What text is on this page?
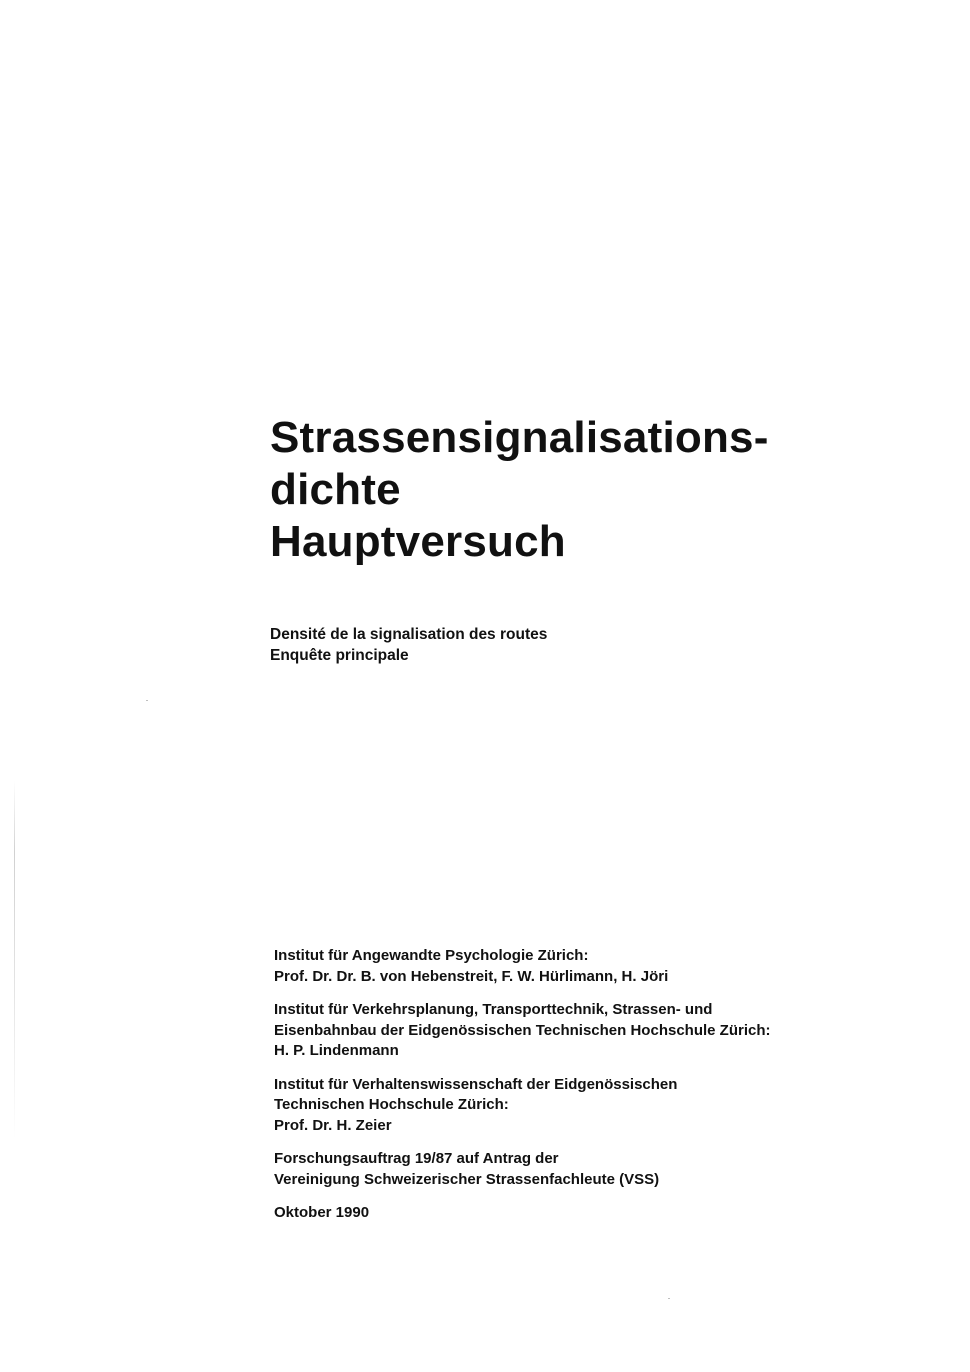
Strassensignalisations-
dichte
Hauptversuch
Densité de la signalisation des routes
Enquête principale
Institut für Angewandte Psychologie Zürich:
Prof. Dr. Dr. B. von Hebenstreit, F. W. Hürlimann, H. Jöri
Institut für Verkehrsplanung, Transporttechnik, Strassen- und
Eisenbahnbau der Eidgenössischen Technischen Hochschule Zürich:
H. P. Lindenmann
Institut für Verhaltenswissenschaft der Eidgenössischen
Technischen Hochschule Zürich:
Prof. Dr. H. Zeier
Forschungsauftrag 19/87 auf Antrag der
Vereinigung Schweizerischer Strassenfachleute (VSS)
Oktober 1990
